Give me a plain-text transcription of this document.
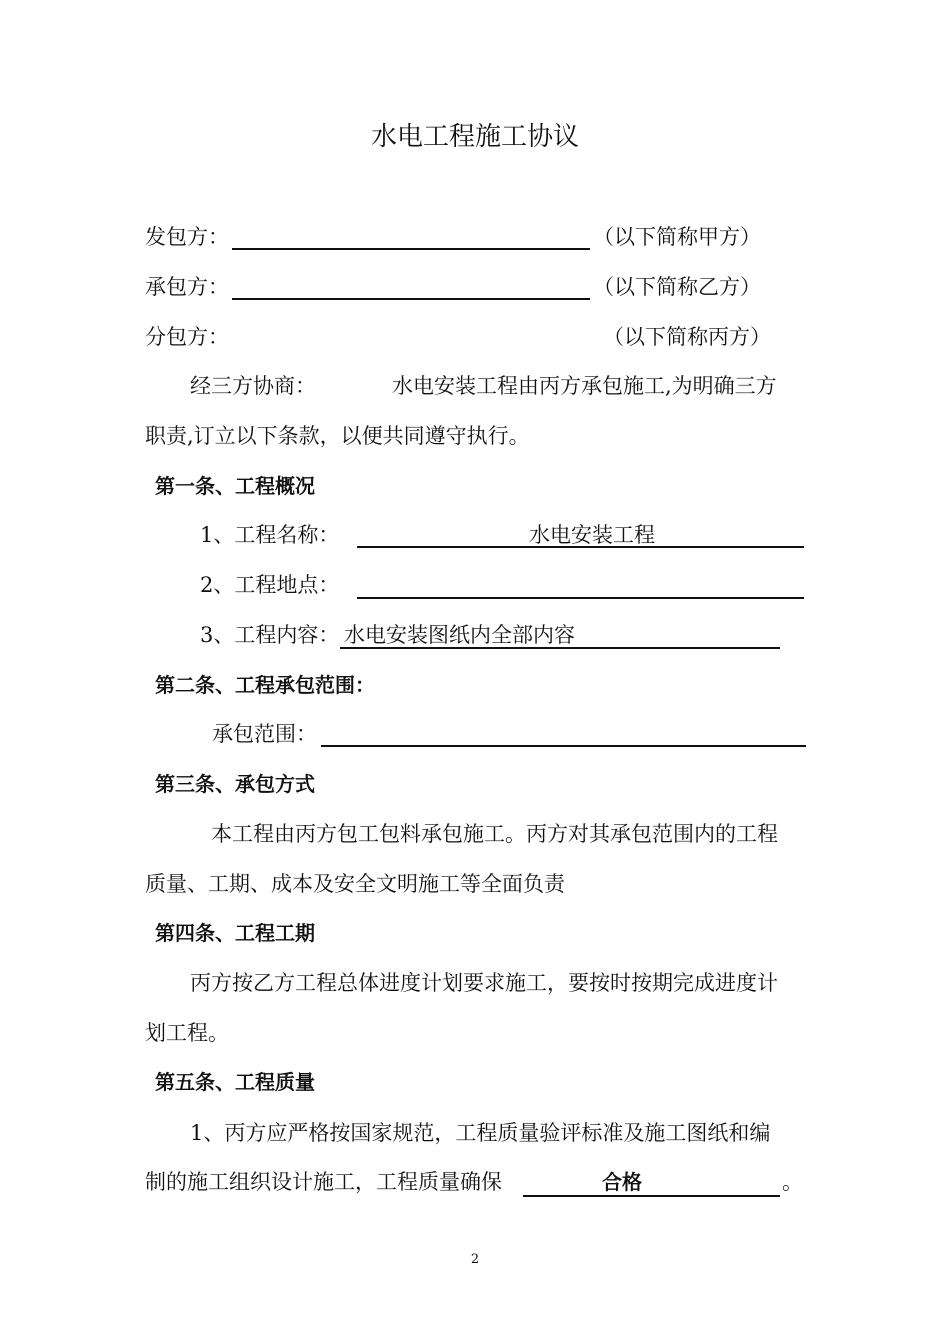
水电工程施工协议
发包方：	（以下简称甲方）
承包方：	（以下简称乙方）
分包方：	（以下简称丙方）
经三方协商：	水电安装工程由丙方承包施工,为明确三方
职责,订立以下条款，以便共同遵守执行。
第一条、工程概况
1、工程名称：	水电安装工程
2、工程地点：
3、工程内容： 水电安装图纸内全部内容
第二条、工程承包范围：
承包范围：
第三条、承包方式
本工程由丙方包工包料承包施工。丙方对其承包范围内的工程
质量、工期、成本及安全文明施工等全面负责
第四条、工程工期
丙方按乙方工程总体进度计划要求施工，要按时按期完成进度计
划工程。
第五条、工程质量
1、丙方应严格按国家规范，工程质量验评标准及施工图纸和编
制的施工组织设计施工，工程质量确保	合格	。
2
